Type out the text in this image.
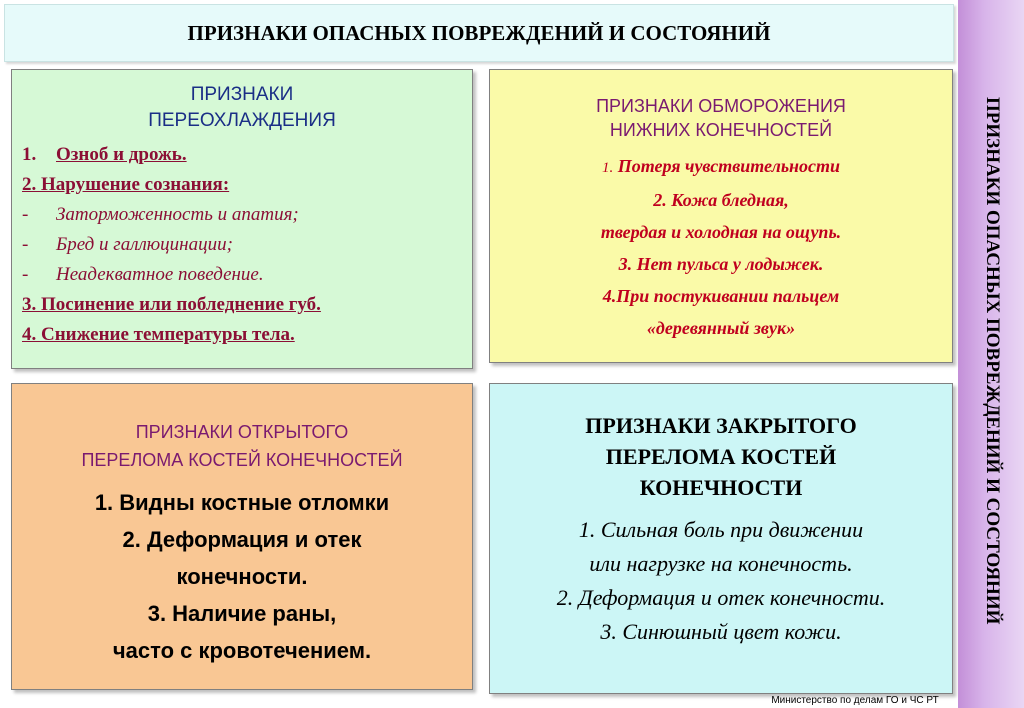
ПРИЗНАКИ ОПАСНЫХ ПОВРЕЖДЕНИЙ И СОСТОЯНИЙ
ПРИЗНАКИ ОПАСНЫХ ПОВРЕЖДЕНИЙ И СОСТОЯНИЙ
ПРИЗНАКИ
ПЕРЕОХЛАЖДЕНИЯ
1. Озноб и дрожь.
2. Нарушение сознания:
- Заторможенность и апатия;
- Бред и галлюцинации;
- Неадекватное поведение.
3. Посинение или побледнение губ.
4. Снижение температуры тела.
ПРИЗНАКИ ОБМОРОЖЕНИЯ
НИЖНИХ КОНЕЧНОСТЕЙ
1. Потеря чувствительности
2. Кожа бледная,
твердая и холодная на ощупь.
3. Нет пульса у лодыжек.
4.При постукивании пальцем
«деревянный звук»
ПРИЗНАКИ ОТКРЫТОГО
ПЕРЕЛОМА КОСТЕЙ КОНЕЧНОСТЕЙ
1. Видны костные отломки
2. Деформация и отек
конечности.
3. Наличие раны,
часто с кровотечением.
ПРИЗНАКИ ЗАКРЫТОГО
ПЕРЕЛОМА КОСТЕЙ
КОНЕЧНОСТИ
1. Сильная боль при движении
или нагрузке на конечность.
2. Деформация и отек конечности.
3. Синюшный цвет кожи.
Министерство по делам ГО и ЧС РТ
